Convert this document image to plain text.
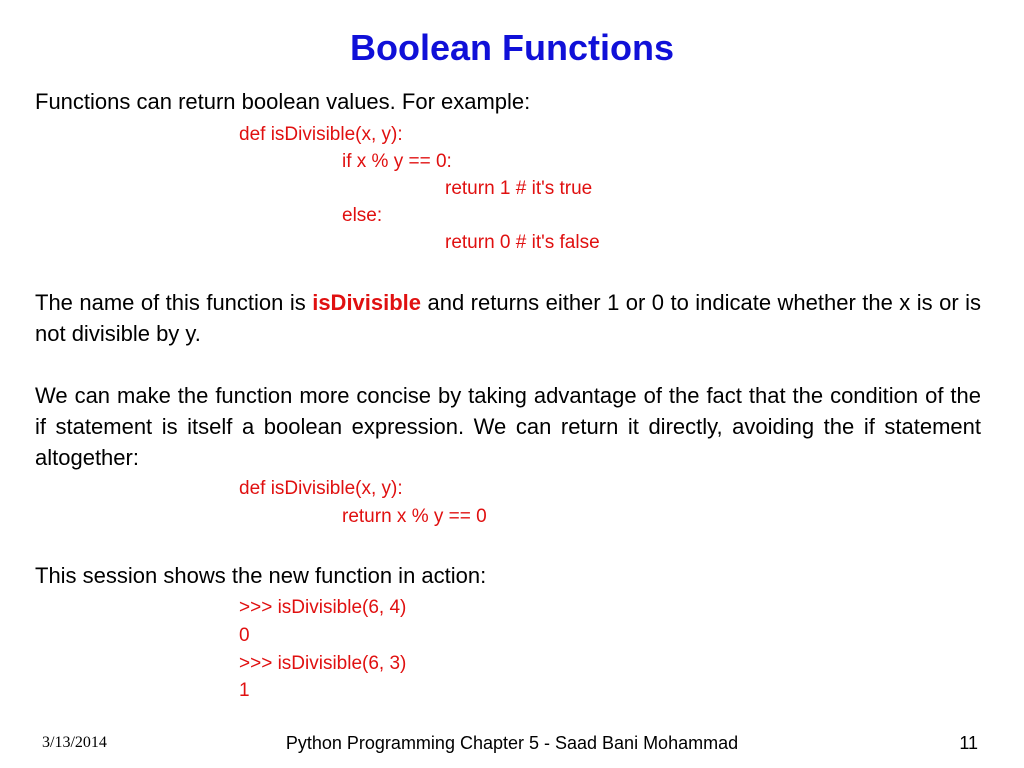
Boolean Functions
Functions can return boolean values. For example:
def isDivisible(x, y):
if x % y == 0:
return 1 # it's true
else:
return 0 # it's false
The name of this function is isDivisible and returns either 1 or 0 to indicate whether the x is or is not divisible by y.
We can make the function more concise by taking advantage of the fact that the condition of the if statement is itself a boolean expression. We can return it directly, avoiding the if statement altogether:
def isDivisible(x, y):
return x % y == 0
This session shows the new function in action:
>>> isDivisible(6, 4)
0
>>> isDivisible(6, 3)
1
3/13/2014	Python Programming Chapter 5 - Saad Bani Mohammad	11
